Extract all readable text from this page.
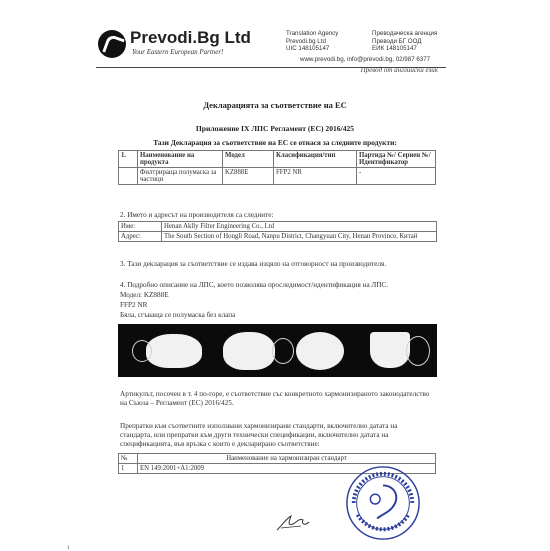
Prevodi.Bg Ltd
Your Eastern European Partner!
Translation Agency
Prevodi.bg Ltd
UIC 148105147
Преводаческа агенция
Преводи БГ ООД
ЕИК 148105147
www.prevodi.bg, info@prevodi.bg, 02/987 6377
Превод от английски език
Декларацията за съответствие на ЕС
Приложение IX ЛПС Регламент (ЕС) 2016/425
Тази Декларация за съответствие на ЕС се отнася за следните продукти:
1.	Наименование на продукта	Модел	Класификация/тип	Партида №/ Сериен №/ Идентификатор
	Филтрираща полумаска за частици	KZ888E	FFP2 NR	-
2. Името и адресът на производителя са следните:
Име:	Henan Aklly Filter Engineering Co., Ltd
Адрес:	The South Section of Hongli Road, Nanpu District, Changyuan City, Henan Province, Китай
3. Тази декларация за съответствие се издава изцяло на отговорност на производителя.
4. Подробно описание на ЛПС, което позволява проследимост/идентификация на ЛПС.
Модел: KZ888E
FFP2 NR
Бяла, сгъваща се полумаска без клапа
Артикулът, посочен в т. 4 по-горе, е съответствие със конкретното хармонизираното законодателство на Съюза – Регламент (ЕС) 2016/425.
Препратки към съответните използвани хармонизирани стандарти, включително датата на стандарта, или препратки към други технически спецификации, включително датата на спецификацията, във връзка с които е декларирано съответствие:
№	Наименование на хармонизиран стандарт
1	EN 149:2001+A1:2009
1
